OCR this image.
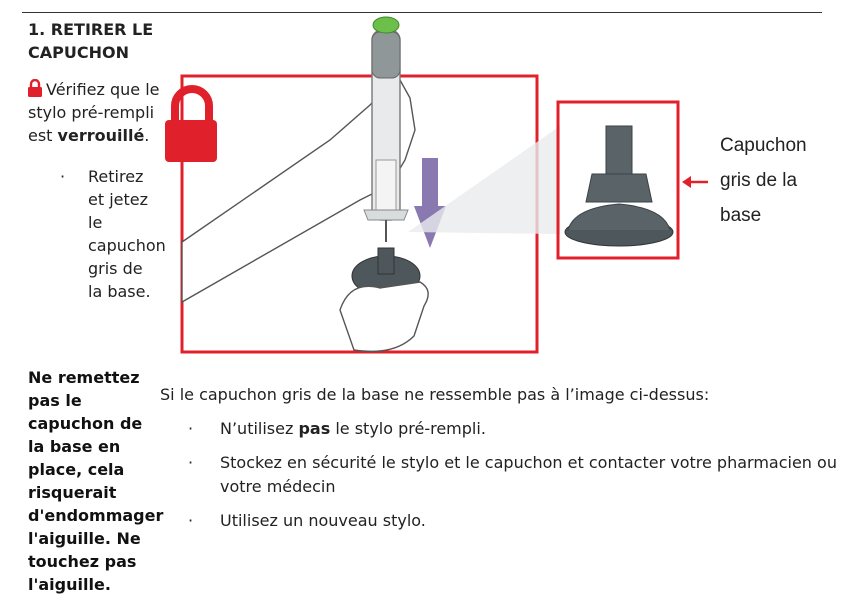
1. RETIRER LE CAPUCHON

Vérifiez que le stylo pré-rempli est verrouillé.

· Retirez et jetez le capuchon gris de la base.

Ne remettez pas le capuchon de la base en place, cela risquerait d'endommager l'aiguille. Ne touchez pas l'aiguille.
Capuchon
gris de la
base

Si le capuchon gris de la base ne ressemble pas à l’image ci-dessus:

· N’utilisez pas le stylo pré-rempli.
· Stockez en sécurité le stylo et le capuchon et contacter votre pharmacien ou votre médecin
· Utilisez un nouveau stylo.
